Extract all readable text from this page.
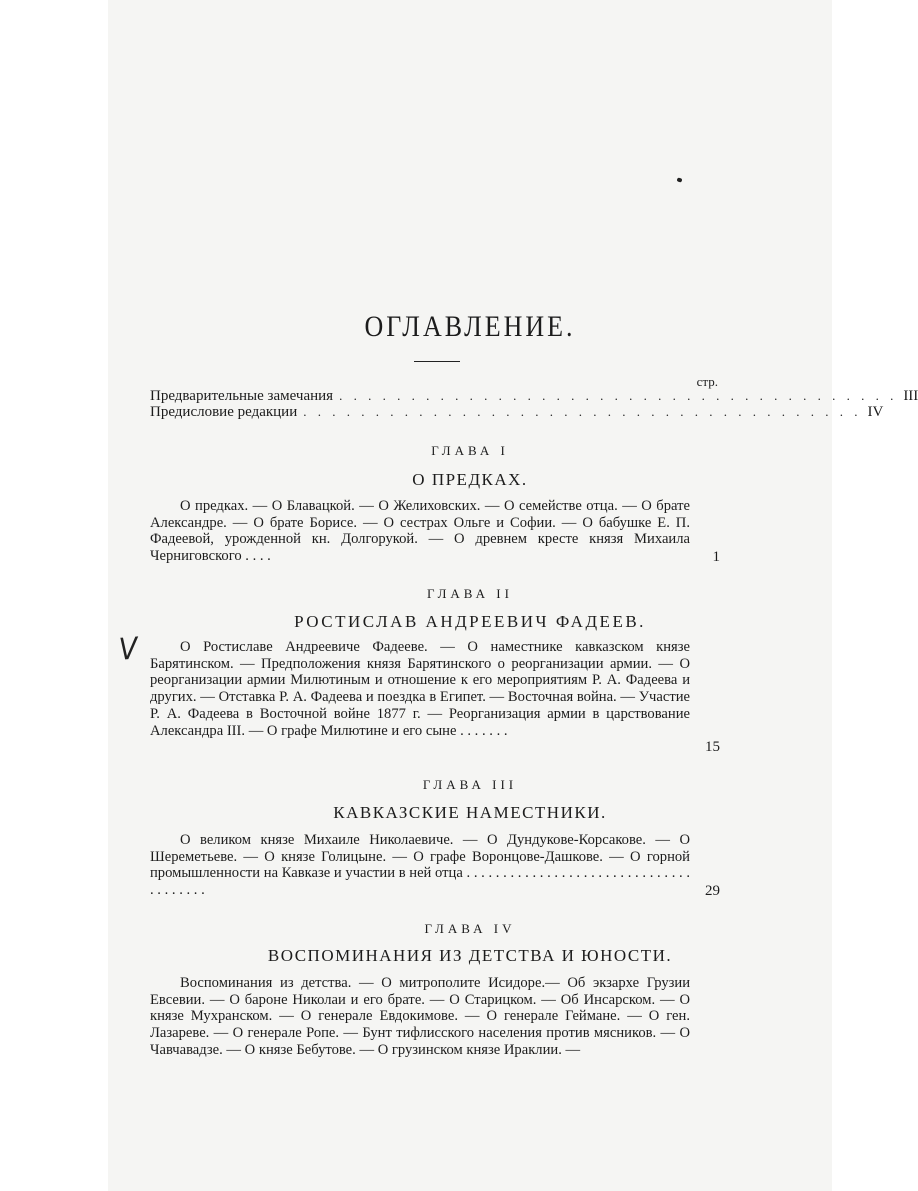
ОГЛАВЛЕНИЕ.
стр.
Предварительные замечания . . . . . . . . . . . . . . . . . . . . . . . . . . . . . . . . . . . . . . . III
Предисловие редакции . . . . . . . . . . . . . . . . . . . . . . . . . . . . . . . . . . . . . . . IV
ГЛАВА I
О ПРЕДКАХ.
О предках. — О Блавацкой. — О Желиховских. — О семействе отца. — О брате Александре. — О брате Борисе. — О сестрах Ольге и Софии. — О бабушке Е. П. Фадеевой, урожденной кн. Долгорукой. — О древнем кресте князя Михаила Черниговского . . . .	1
ГЛАВА II
РОСТИСЛАВ АНДРЕЕВИЧ ФАДЕЕВ.
О Ростиславе Андреевиче Фадееве. — О наместнике кавказском князе Барятинском. — Предположения князя Барятинского о реорганизации армии. — О реорганизации армии Милютиным и отношение к его мероприятиям Р. А. Фадеева и других. — Отставка Р. А. Фадеева и поездка в Египет. — Восточная война. — Участие Р. А. Фадеева в Восточной войне 1877 г. — Реорганизация армии в царствование Александра III. — О графе Милютине и его сыне . . . . . . .
15
ГЛАВА III
КАВКАЗСКИЕ НАМЕСТНИКИ.
О великом князе Михаиле Николаевиче. — О Дундукове-Корсакове. — О Шереметьеве. — О князе Голицыне. — О графе Воронцове-Дашкове. — О горной промышленности на Кавказе и участии в ней отца . . . . . . . . . . . . . . . . . . . . . . . . . . . . . . . . . . . . . . .	29
ГЛАВА IV
ВОСПОМИНАНИЯ ИЗ ДЕТСТВА И ЮНОСТИ.
Воспоминания из детства. — О митрополите Исидоре.— Об экзархе Грузии Евсевии. — О бароне Николаи и его брате. — О Старицком. — Об Инсарском. — О князе Мухранском. — О генерале Евдокимове. — О генерале Геймане. — О ген. Лазареве. — О генерале Ропе. — Бунт тифлисского населения против мясников. — О Чавчавадзе. — О князе Бебутове. — О грузинском князе Ираклии. —
V
